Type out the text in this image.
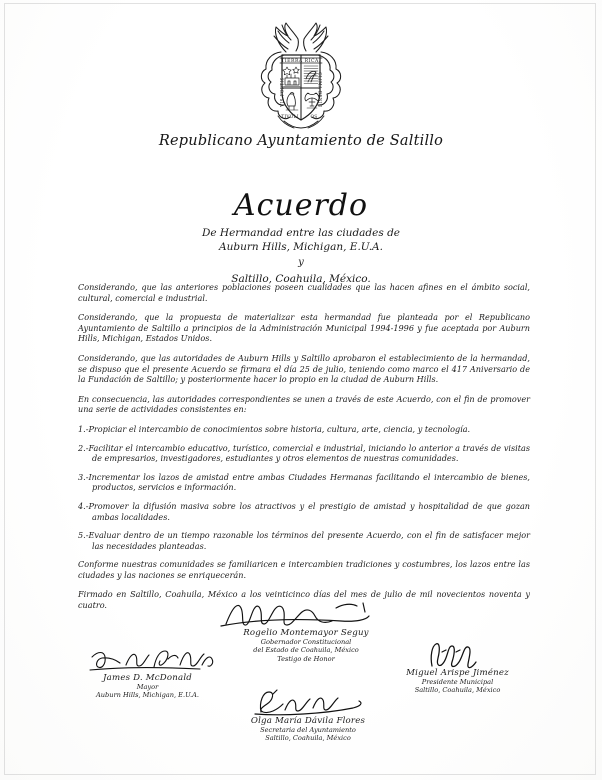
TIERRA RICA.
VIS FORTIS	CLIMA BENIG
TIVOLI	OS
Republicano Ayuntamiento de Saltillo
Acuerdo
De Hermandad entre las ciudades de
Auburn Hills, Michigan, E.U.A.
y
Saltillo, Coahuila, México.

Considerando, que las anteriores poblaciones poseen cualidades que las hacen afines en el ámbito social, cultural, comercial e industrial.

Considerando, que la propuesta de materializar esta hermandad fue planteada por el Republicano Ayuntamiento de Saltillo a principios de la Administración Municipal 1994-1996 y fue aceptada por Auburn Hills, Michigan, Estados Unidos.

Considerando, que las autoridades de Auburn Hills y Saltillo aprobaron el establecimiento de la hermandad, se dispuso que el presente Acuerdo se firmara el día 25 de julio, teniendo como marco el 417 Aniversario de la Fundación de Saltillo; y posteriormente hacer lo propio en la ciudad de Auburn Hills.

En consecuencia, las autoridades correspondientes se unen a través de este Acuerdo, con el fin de promover una serie de actividades consistentes en:

1.-Propiciar el intercambio de conocimientos sobre historia, cultura, arte, ciencia, y tecnología.
2.-Facilitar el intercambio educativo, turístico, comercial e industrial, iniciando lo anterior a través de visitas de empresarios, investigadores, estudiantes y otros elementos de nuestras comunidades.
3.-Incrementar los lazos de amistad entre ambas Ciudades Hermanas facilitando el intercambio de bienes, productos, servicios e información.
4.-Promover la difusión masiva sobre los atractivos y el prestigio de amistad y hospitalidad de que gozan ambas localidades.
5.-Evaluar dentro de un tiempo razonable los términos del presente Acuerdo, con el fin de satisfacer mejor las necesidades planteadas.

Conforme nuestras comunidades se familiaricen e intercambien tradiciones y costumbres, los lazos entre las ciudades y las naciones se enriquecerán.

Firmado en Saltillo, Coahuila, México a los veinticinco días del mes de julio de mil novecientos noventa y cuatro.

Rogelio Montemayor Seguy
Gobernador Constitucional
del Estado de Coahuila, México
Testigo de Honor
James D. McDonald
Mayor
Auburn Hills, Michigan, E.U.A.
Miguel Arispe Jiménez
Presidente Municipal
Saltillo, Coahuila, México
Olga María Dávila Flores
Secretaria del Ayuntamiento
Saltillo, Coahuila, México
